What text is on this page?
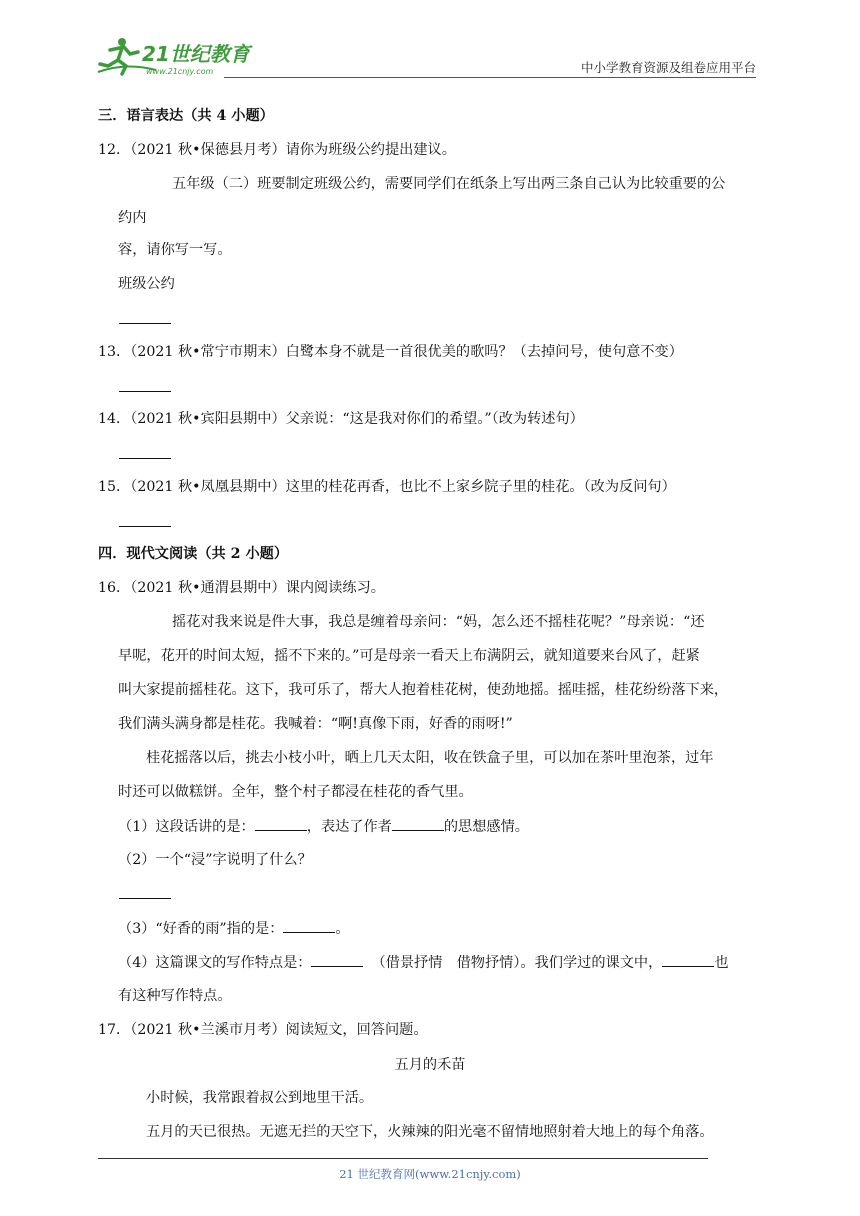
21世纪教育
www.21cnjy.com	中小学教育资源及组卷应用平台
三．语言表达（共 4 小题）
12．（2021 秋•保德县月考）请你为班级公约提出建议。
五年级（二）班要制定班级公约，需要同学们在纸条上写出两三条自己认为比较重要的公
约内
容，请你写一写。
班级公约
13．（2021 秋•常宁市期末）白鹭本身不就是一首很优美的歌吗？（去掉问号，使句意不变）
14．（2021 秋•宾阳县期中）父亲说：“这是我对你们的希望。”（改为转述句）
15．（2021 秋•凤凰县期中）这里的桂花再香，也比不上家乡院子里的桂花。（改为反问句）
四．现代文阅读（共 2 小题）
16．（2021 秋•通渭县期中）课内阅读练习。
摇花对我来说是件大事，我总是缠着母亲问：“妈，怎么还不摇桂花呢？”母亲说：“还
早呢，花开的时间太短，摇不下来的。”可是母亲一看天上布满阴云，就知道要来台风了，赶紧
叫大家提前摇桂花。这下，我可乐了，帮大人抱着桂花树，使劲地摇。摇哇摇，桂花纷纷落下来，
我们满头满身都是桂花。我喊着：“啊!真像下雨，好香的雨呀!”
桂花摇落以后，挑去小枝小叶，晒上几天太阳，收在铁盒子里，可以加在茶叶里泡茶，过年
时还可以做糕饼。全年，整个村子都浸在桂花的香气里。
（1）这段话讲的是：	，表达了作者	的思想感情。
（2）一个“浸”字说明了什么？
（3）“好香的雨”指的是：	。
（4）这篇课文的写作特点是：	（借景抒情　借物抒情）。我们学过的课文中，	也
有这种写作特点。
17．（2021 秋•兰溪市月考）阅读短文，回答问题。
五月的禾苗
小时候，我常跟着叔公到地里干活。
五月的天已很热。无遮无拦的天空下，火辣辣的阳光毫不留情地照射着大地上的每个角落。
21 世纪教育网(www.21cnjy.com)
